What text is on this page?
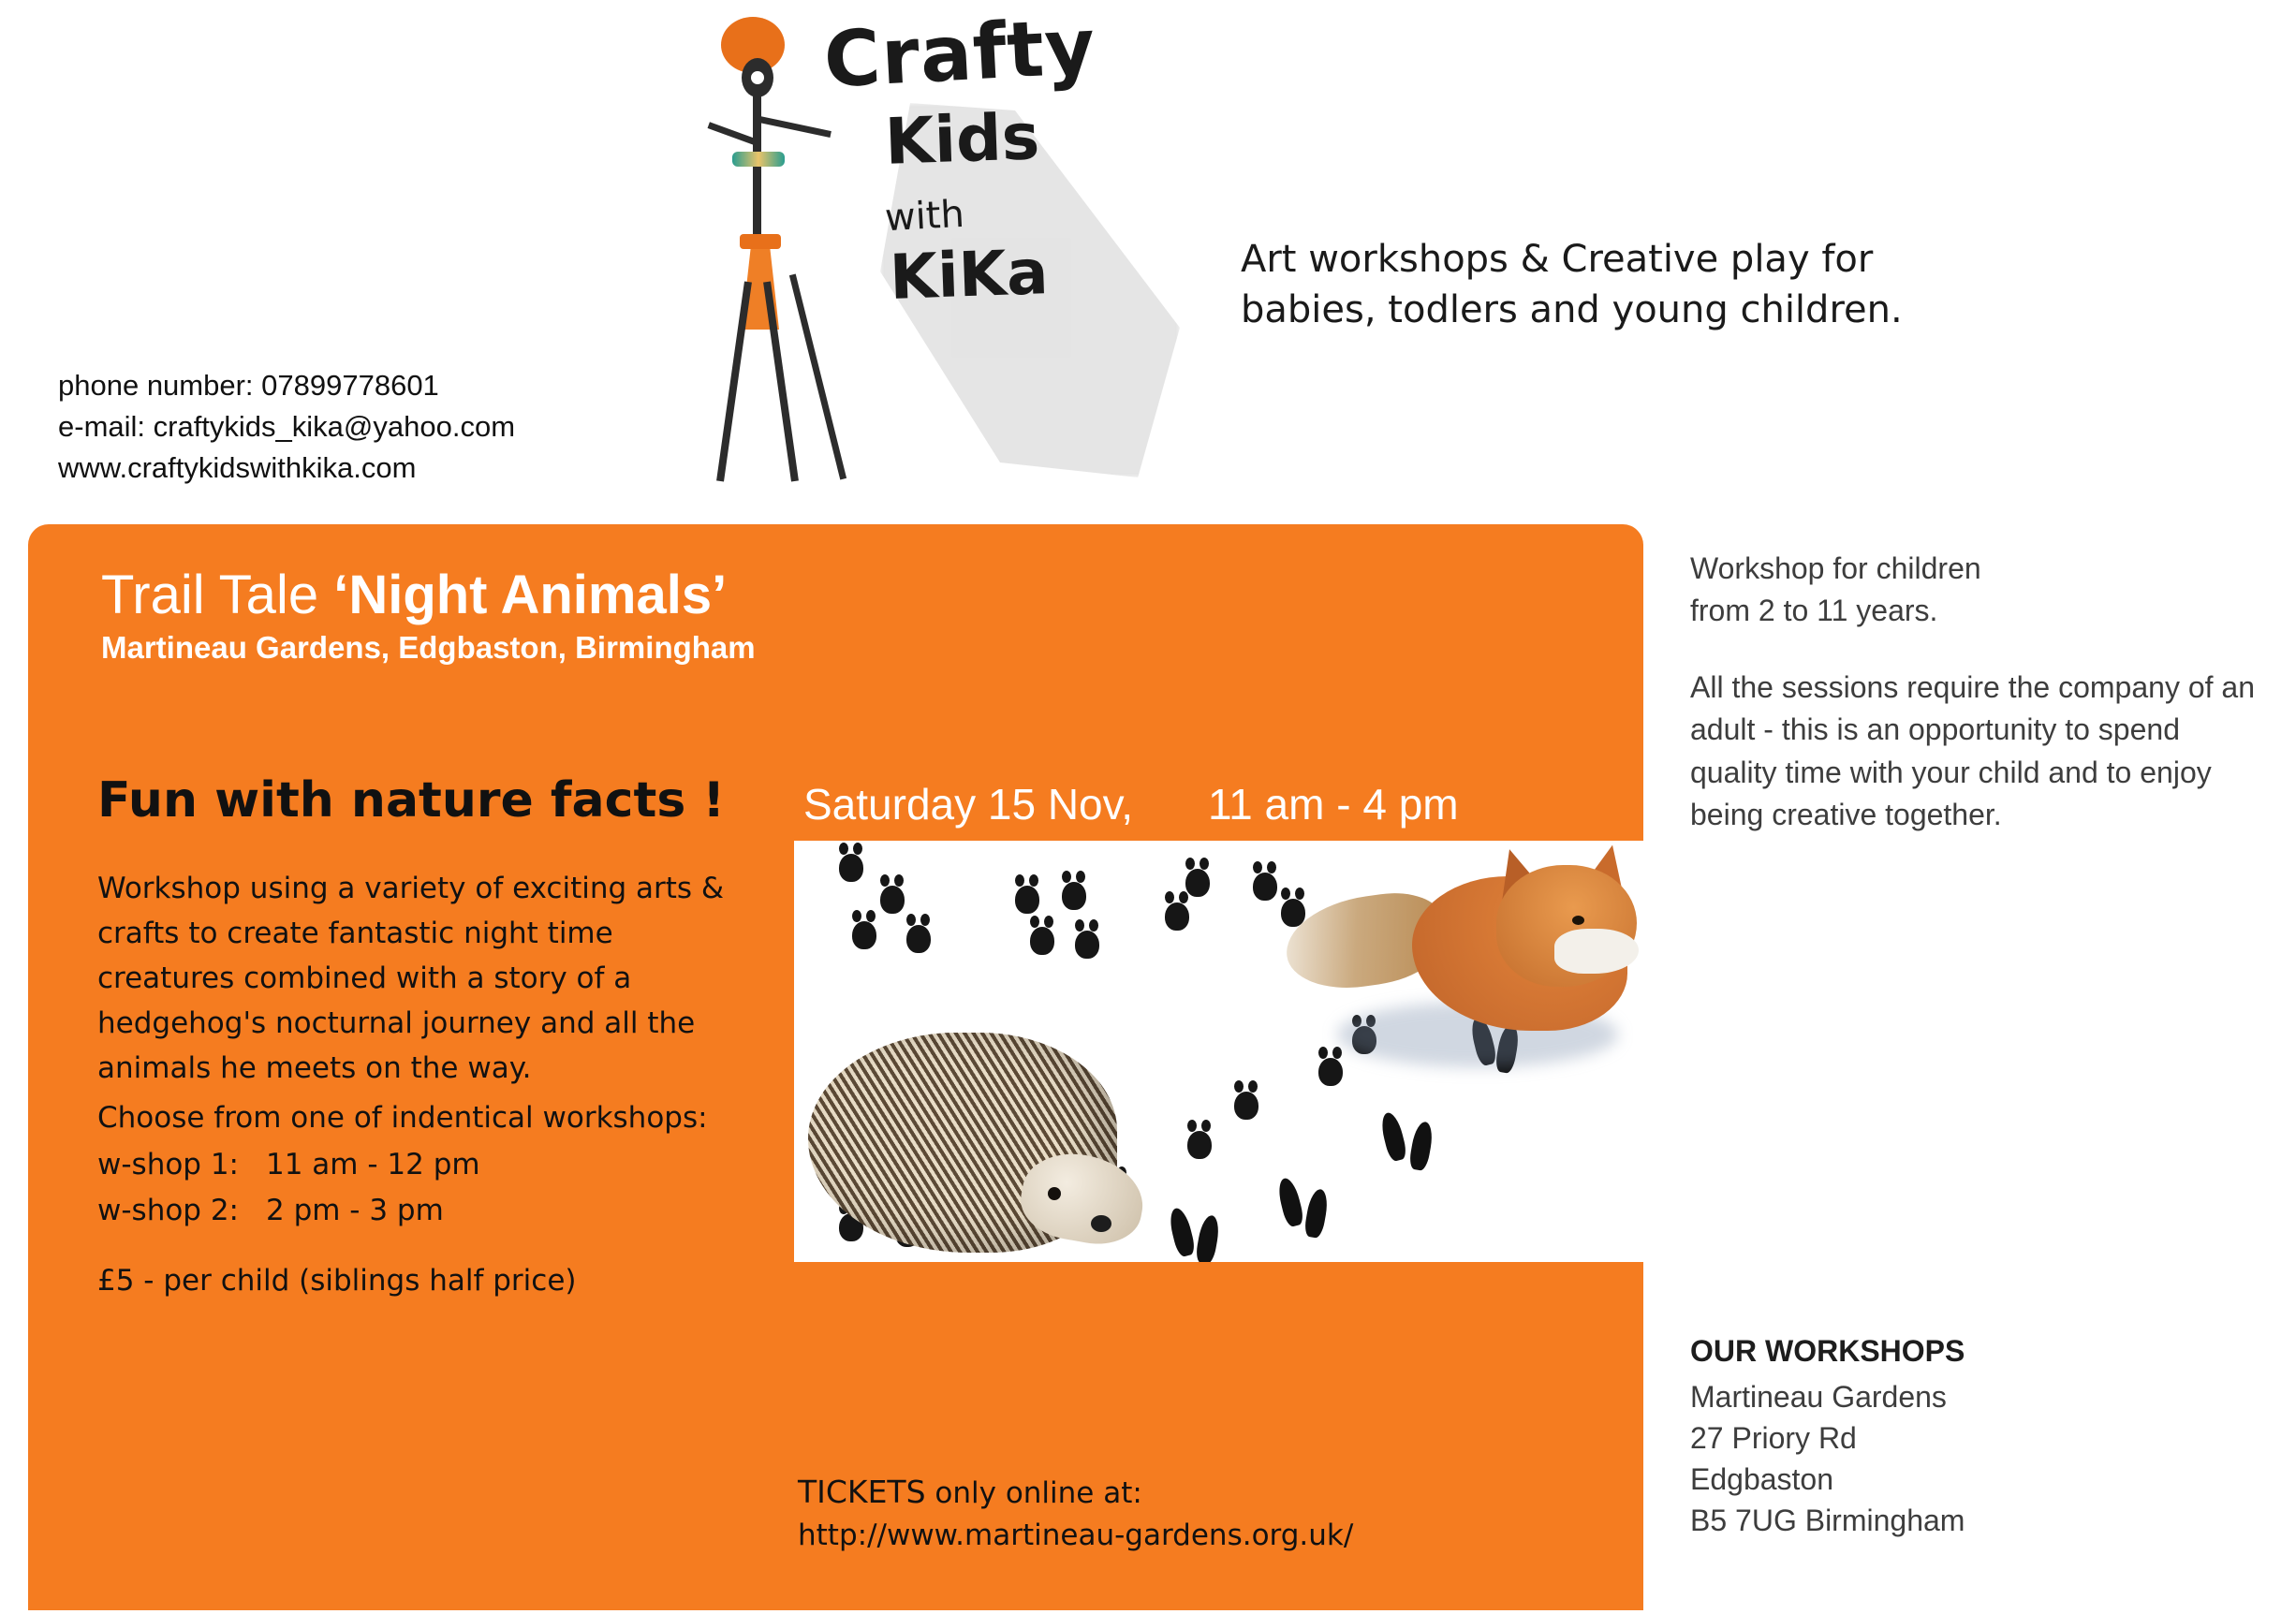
Crafty
Kids
with
KiKa	Art workshops & Creative play for
babies, todlers and young children.
phone number: 07899778601
e-mail: craftykids_kika@yahoo.com
www.craftykidswithkika.com
Trail Tale ‘Night Animals’
Martineau Gardens, Edgbaston, Birmingham
Fun with nature facts !
Workshop using a variety of exciting arts & crafts to create fantastic night time creatures combined with a story of a hedgehog's nocturnal journey and all the animals he meets on the way.
Choose from one of indentical workshops:
w-shop 1: 11 am - 12 pm
w-shop 2: 2 pm - 3 pm
£5 - per child (siblings half price)
Saturday 15 Nov, 11 am - 4 pm
TICKETS only online at:
http://www.martineau-gardens.org.uk/
Workshop for children
from 2 to 11 years.
All the sessions require the company of an adult - this is an opportunity to spend quality time with your child and to enjoy being creative together.
OUR WORKSHOPS
Martineau Gardens
27 Priory Rd
Edgbaston
B5 7UG Birmingham
